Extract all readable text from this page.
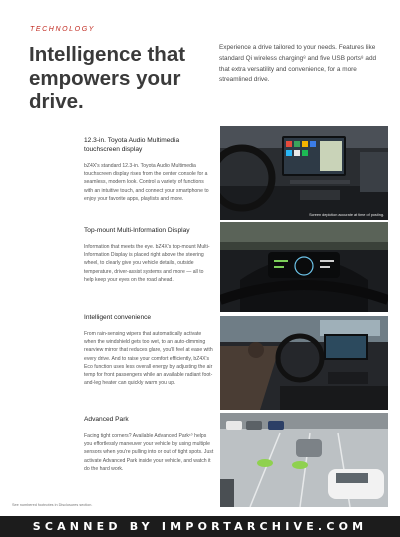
TECHNOLOGY
Intelligence that empowers your drive.
Experience a drive tailored to your needs. Features like standard Qi wireless charging⁸ and five USB ports⁸ add that extra versatility and convenience, for a more streamlined drive.
12.3-in. Toyota Audio Multimedia touchscreen display
bZ4X's standard 12.3-in. Toyota Audio Multimedia touchscreen display rises from the center console for a seamless, modern look. Control a variety of functions with an intuitive touch, and connect your smartphone to enjoy your favorite apps, playlists and more.
Screen depiction accurate at time of posting.
Top-mount Multi-Information Display
Information that meets the eye. bZ4X's top-mount Multi-Information Display is placed right above the steering wheel, to clearly give you vehicle details, outside temperature, driver-assist systems and more — all to help keep your eyes on the road ahead.
Intelligent convenience
From rain-sensing wipers that automatically activate when the windshield gets too wet, to an auto-dimming rearview mirror that reduces glare, you'll feel at ease with every drive. And to raise your comfort efficiently, bZ4X's Eco function uses less overall energy by adjusting the air temp for front passengers while an available radiant foot-and-leg heater can quickly warm you up.
Advanced Park
Facing tight corners? Available Advanced Park¹⁰ helps you effortlessly maneuver your vehicle by using multiple sensors when you're pulling into or out of tight spots. Just activate Advanced Park inside your vehicle, and watch it do the hard work.
See numbered footnotes in Disclosures section.
SCANNED BY IMPORTARCHIVE.COM
